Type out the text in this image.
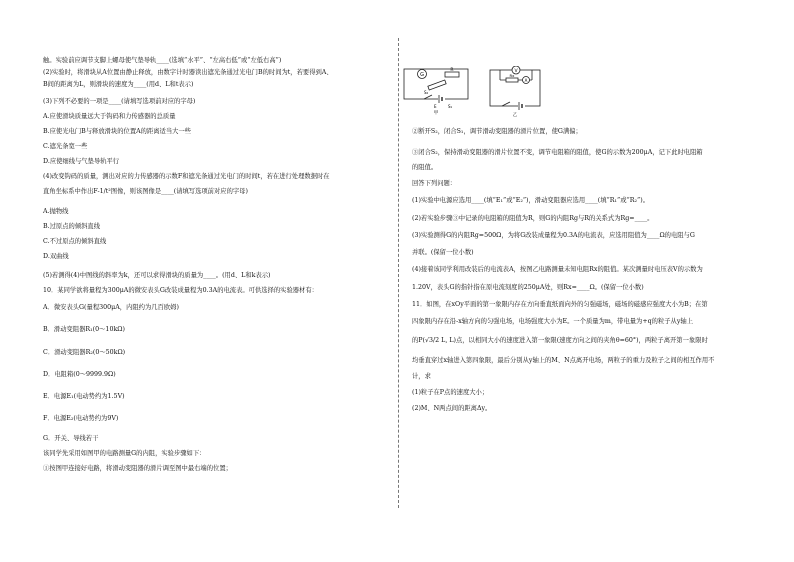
触。实验前应调节支脚上螺母使气垫导轨____(选填“水平”、“左高右低”或“左低右高”)
(2)实验时，将滑块从A位置由静止释放，由数字计时器读出遮光条通过光电门B的时间为t，若要得到A、
B间的距离为L，则滑块的速度为____(用d、L和t表示)
(3)下列不必要的一项是____(请填写选项前对应的字母)
A.应使滑块质量远大于钩码和力传感器的总质量
B.应使光电门B与释放滑块的位置A的距离适当大一些
C.遮光条宽一些
D.应使细线与气垫导轨平行
(4)改变钩码的质量，测出对应的力传感器的示数F和遮光条通过光电门的时间t，若在进行处理数据时在
直角坐标系中作出F-1/t²图像，则该图像是____(请填写选项前对应的字母)
A.抛物线
B.过原点的倾斜直线
C.不过原点的倾斜直线
D.双曲线
(5)若测得(4)中图线的斜率为k，还可以求得滑块的质量为____。(用d、L和k表示)
10．某同学欲将量程为300μA的微安表头G改装成量程为0.3A的电流表。可供选择的实验器材有：
A．微安表头G(量程300μA，内阻约为几百欧姆)
B．滑动变阻器R₁(0～10kΩ)
C．滑动变阻器R₂(0～50kΩ)
D．电阻箱(0～9999.9Ω)
E．电源E₁(电动势约为1.5V)
F．电源E₂(电动势约为9V)
G．开关、导线若干
该同学先采用如图甲的电路测量G的内阻，实验步骤如下：
①按图甲连接好电路，将滑动变阻器的滑片调至图中最右端的位置；
G
R
S₂
E	S₁
甲
V
Rx
A
乙
②断开S₂，闭合S₁，调节滑动变阻器的滑片位置，使G满偏；
③闭合S₂，保持滑动变阻器的滑片位置不变，调节电阻箱的阻值，使G的示数为200μA，记下此时电阻箱
的阻值。
回答下列问题：
(1)实验中电源应选用____(填“E₁”或“E₂”)，滑动变阻器应选用____(填“R₁”或“R₂”)。
(2)若实验步骤③中记录的电阻箱的阻值为R，则G的内阻Rg与R的关系式为Rg=____。
(3)实验测得G的内阻Rg=500Ω，为将G改装成量程为0.3A的电流表，应选用阻值为____Ω的电阻与G
并联。(保留一位小数)
(4)接着该同学利用改装后的电流表A，按图乙电路测量未知电阻Rx的阻值。某次测量时电压表V的示数为
1.20V，表头G的指针指在原电流刻度的250μA处，则Rx=____Ω。(保留一位小数)
11．如图，在xOy平面的第一象限内存在方向垂直纸面向外的匀强磁场，磁场的磁感应强度大小为B；在第
四象限内存在沿-x轴方向的匀强电场，电场强度大小为E。一个质量为m，带电量为+q的粒子从y轴上
的P(√3/2 L, L)点，以相同大小的速度进入第一象限(速度方向之间的夹角θ=60°)，两粒子离开第一象限时
均垂直穿过x轴进入第四象限，最后分别从y轴上的M、N点离开电场，两粒子的重力及粒子之间的相互作用不
计，求
(1)粒子在P点的速度大小；
(2)M、N两点间的距离Δy。
